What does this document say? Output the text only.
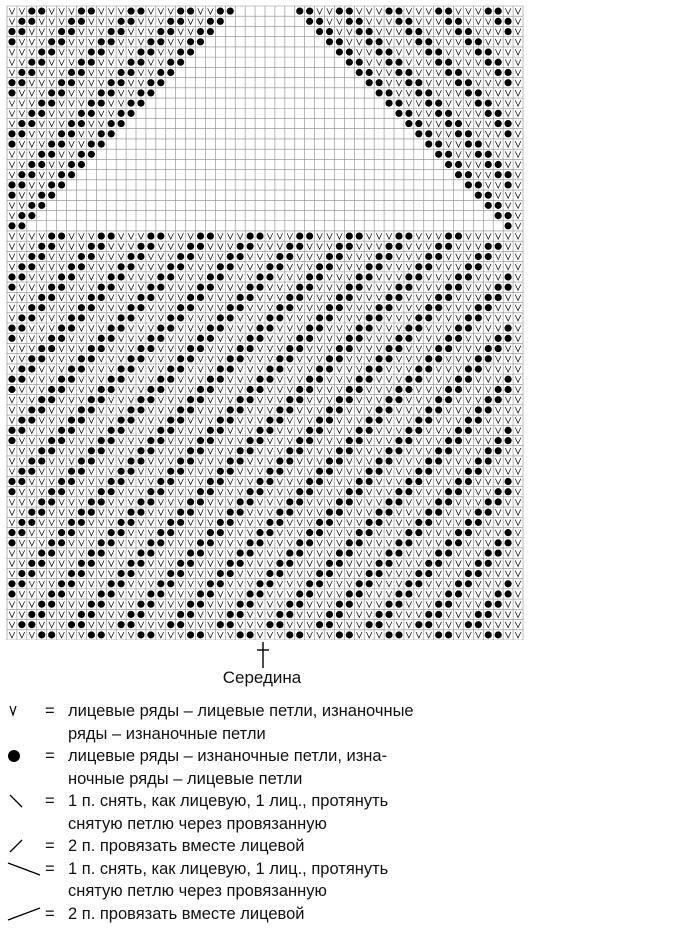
Середина
= лицевые ряды – лицевые петли, изнаночные
ряды – изнаночные петли
= лицевые ряды – изнаночные петли, изна-
ночные ряды – лицевые петли
= 1 п. снять, как лицевую, 1 лиц., протянуть
снятую петлю через провязанную
= 2 п. провязать вместе лицевой
= 1 п. снять, как лицевую, 1 лиц., протянуть
снятую петлю через провязанную
= 2 п. провязать вместе лицевой
